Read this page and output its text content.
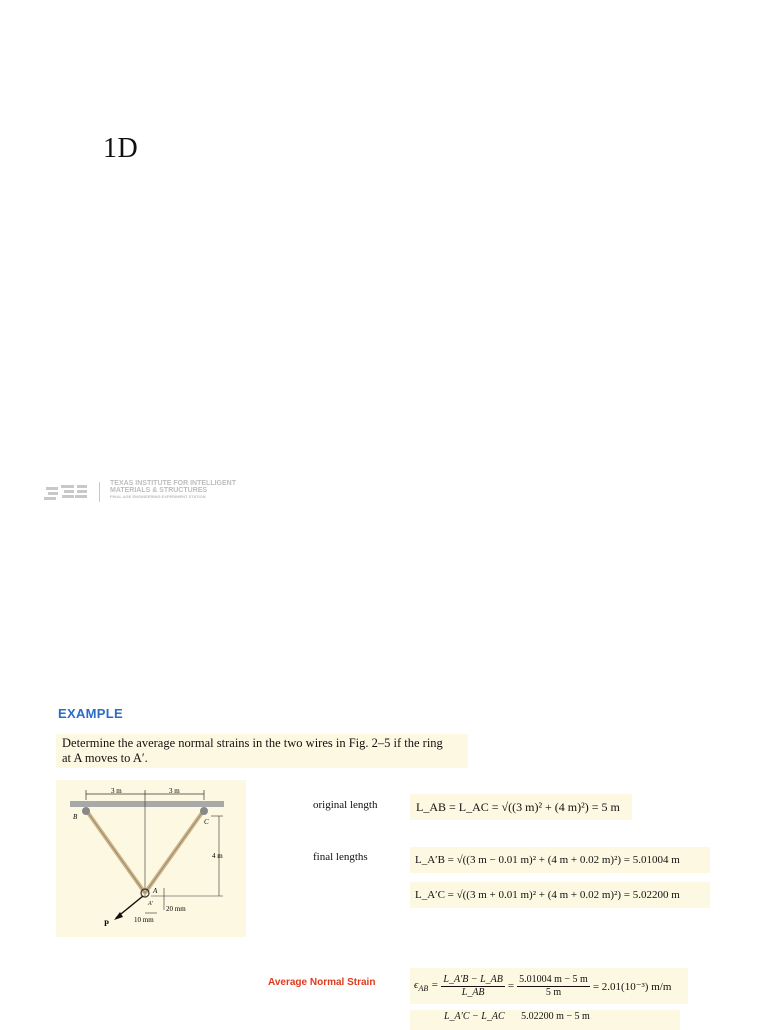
1D
TEXAS INSTITUTE FOR INTELLIGENT
MATERIALS & STRUCTURES
FINAL AGE ENGINEERING EXPERIMENT STATION
EXAMPLE
Determine the average normal strains in the two wires in Fig. 2–5 if the ring
at A moves to A′.
3 m	3 m
4 m
B
C
A
A′
20 mm
10 mm
P
original length	L_AB = L_AC = √((3 m)² + (4 m)²) = 5 m
final lengths	L_A′B = √((3 m − 0.01 m)² + (4 m + 0.02 m)²) = 5.01004 m
L_A′C = √((3 m + 0.01 m)² + (4 m + 0.02 m)²) = 5.02200 m
Average Normal Strain	$\epsilon_{AB} = \frac{L\_A'B - L\_AB}{L\_AB} = \frac{5.01004 m - 5 m}{5 m} = 2.01(10^{-3})$ m/m
L_A′C − L_AC 5.02200 m − 5 m
